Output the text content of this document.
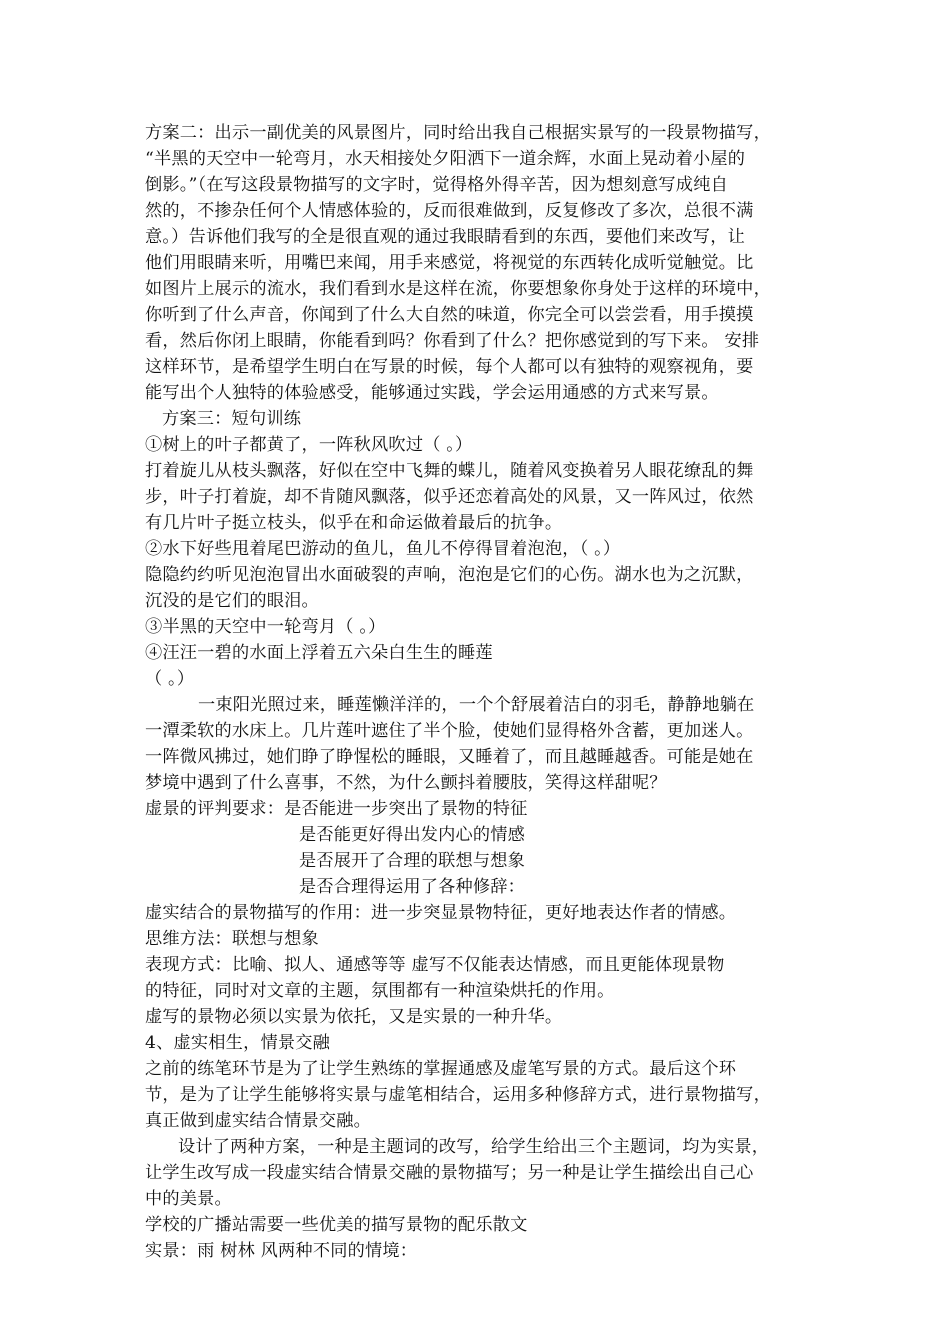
方案二：出示一副优美的风景图片，同时给出我自己根据实景写的一段景物描写，
“半黑的天空中一轮弯月，水天相接处夕阳洒下一道余辉，水面上晃动着小屋的
倒影。”（在写这段景物描写的文字时，觉得格外得辛苦，因为想刻意写成纯自
然的，不掺杂任何个人情感体验的，反而很难做到，反复修改了多次，总很不满
意。）告诉他们我写的全是很直观的通过我眼睛看到的东西，要他们来改写，让
他们用眼睛来听，用嘴巴来闻，用手来感觉，将视觉的东西转化成听觉触觉。比
如图片上展示的流水，我们看到水是这样在流，你要想象你身处于这样的环境中，
你听到了什么声音，你闻到了什么大自然的味道，你完全可以尝尝看，用手摸摸
看，然后你闭上眼睛，你能看到吗？你看到了什么？把你感觉到的写下来。 安排
这样环节，是希望学生明白在写景的时候，每个人都可以有独特的观察视角，要
能写出个人独特的体验感受，能够通过实践，学会运用通感的方式来写景。
方案三：短句训练
①树上的叶子都黄了，一阵秋风吹过（ 。）
打着旋儿从枝头飘落，好似在空中飞舞的蝶儿，随着风变换着另人眼花缭乱的舞
步，叶子打着旋，却不肯随风飘落，似乎还恋着高处的风景，又一阵风过，依然
有几片叶子挺立枝头，似乎在和命运做着最后的抗争。
②水下好些甩着尾巴游动的鱼儿，鱼儿不停得冒着泡泡，（ 。）
隐隐约约听见泡泡冒出水面破裂的声响，泡泡是它们的心伤。湖水也为之沉默，
沉没的是它们的眼泪。
③半黑的天空中一轮弯月（ 。）
④汪汪一碧的水面上浮着五六朵白生生的睡莲
（ 。）
一束阳光照过来，睡莲懒洋洋的，一个个舒展着洁白的羽毛，静静地躺在
一潭柔软的水床上。几片莲叶遮住了半个脸，使她们显得格外含蓄，更加迷人。
一阵微风拂过，她们睁了睁惺松的睡眼，又睡着了，而且越睡越香。可能是她在
梦境中遇到了什么喜事，不然，为什么颤抖着腰肢，笑得这样甜呢？
虚景的评判要求：是否能进一步突出了景物的特征
是否能更好得出发内心的情感
是否展开了合理的联想与想象
是否合理得运用了各种修辞：
虚实结合的景物描写的作用：进一步突显景物特征，更好地表达作者的情感。
思维方法：联想与想象
表现方式：比喻、拟人、通感等等 虚写不仅能表达情感，而且更能体现景物
的特征，同时对文章的主题，氛围都有一种渲染烘托的作用。
虚写的景物必须以实景为依托，又是实景的一种升华。
4、虚实相生，情景交融
之前的练笔环节是为了让学生熟练的掌握通感及虚笔写景的方式。最后这个环
节，是为了让学生能够将实景与虚笔相结合，运用多种修辞方式，进行景物描写，
真正做到虚实结合情景交融。
设计了两种方案，一种是主题词的改写，给学生给出三个主题词，均为实景，
让学生改写成一段虚实结合情景交融的景物描写；另一种是让学生描绘出自己心
中的美景。
学校的广播站需要一些优美的描写景物的配乐散文
实景：雨 树林 风两种不同的情境：
